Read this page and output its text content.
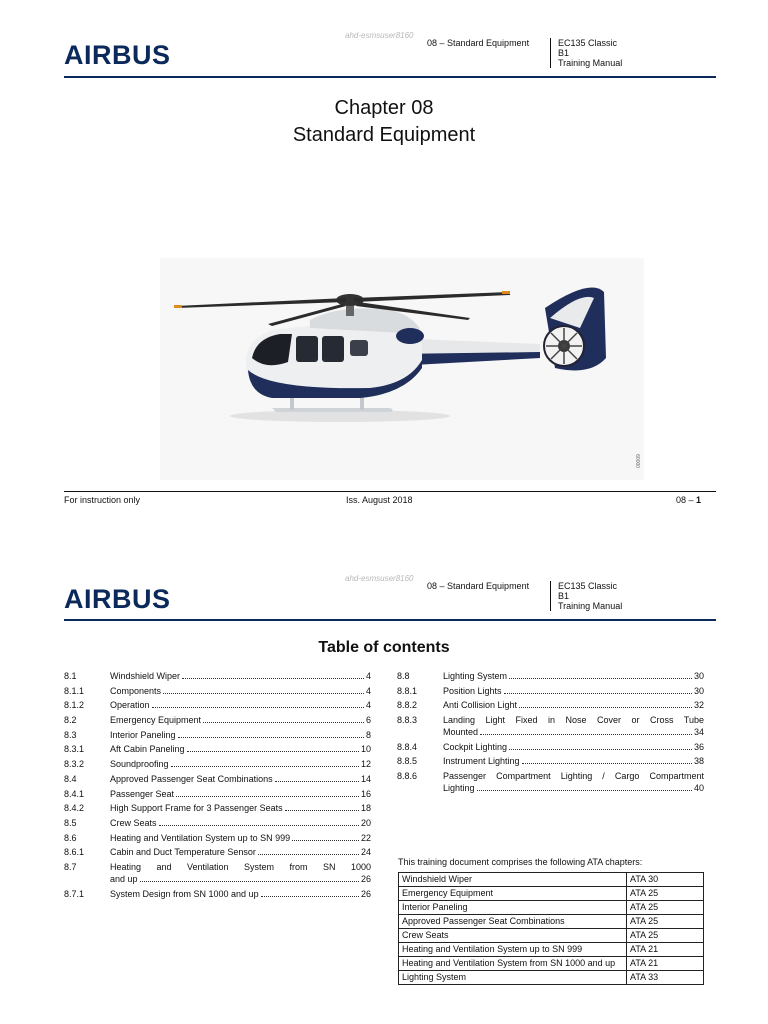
AIRBUS
ahd-esmsuser8160
08 – Standard Equipment	EC135 Classic
B1
Training Manual
Chapter 08
Standard Equipment
00009
For instruction only	Iss. August 2018	08 – 1
AIRBUS
ahd-esmsuser8160
08 – Standard Equipment	EC135 Classic
B1
Training Manual
Table of contents
8.1	Windshield Wiper	4
8.1.1	Components	4
8.1.2	Operation	4
8.2	Emergency Equipment	6
8.3	Interior Paneling	8
8.3.1	Aft Cabin Paneling	10
8.3.2	Soundproofing	12
8.4	Approved Passenger Seat Combinations	14
8.4.1	Passenger Seat	16
8.4.2	High Support Frame for 3 Passenger Seats	18
8.5	Crew Seats	20
8.6	Heating and Ventilation System up to SN 999	22
8.6.1	Cabin and Duct Temperature Sensor	24
8.7	Heating and Ventilation System from SN 1000
and up	26
8.7.1	System Design from SN 1000 and up	26
8.8	Lighting System	30
8.8.1	Position Lights	30
8.8.2	Anti Collision Light	32
8.8.3	Landing Light Fixed in Nose Cover or Cross Tube
Mounted	34
8.8.4	Cockpit Lighting	36
8.8.5	Instrument Lighting	38
8.8.6	Passenger Compartment Lighting / Cargo Compartment
Lighting	40
This training document comprises the following ATA chapters:
Windshield Wiper	ATA 30
Emergency Equipment	ATA 25
Interior Paneling	ATA 25
Approved Passenger Seat Combinations	ATA 25
Crew Seats	ATA 25
Heating and Ventilation System up to SN 999	ATA 21
Heating and Ventilation System from SN 1000 and up	ATA 21
Lighting System	ATA 33
